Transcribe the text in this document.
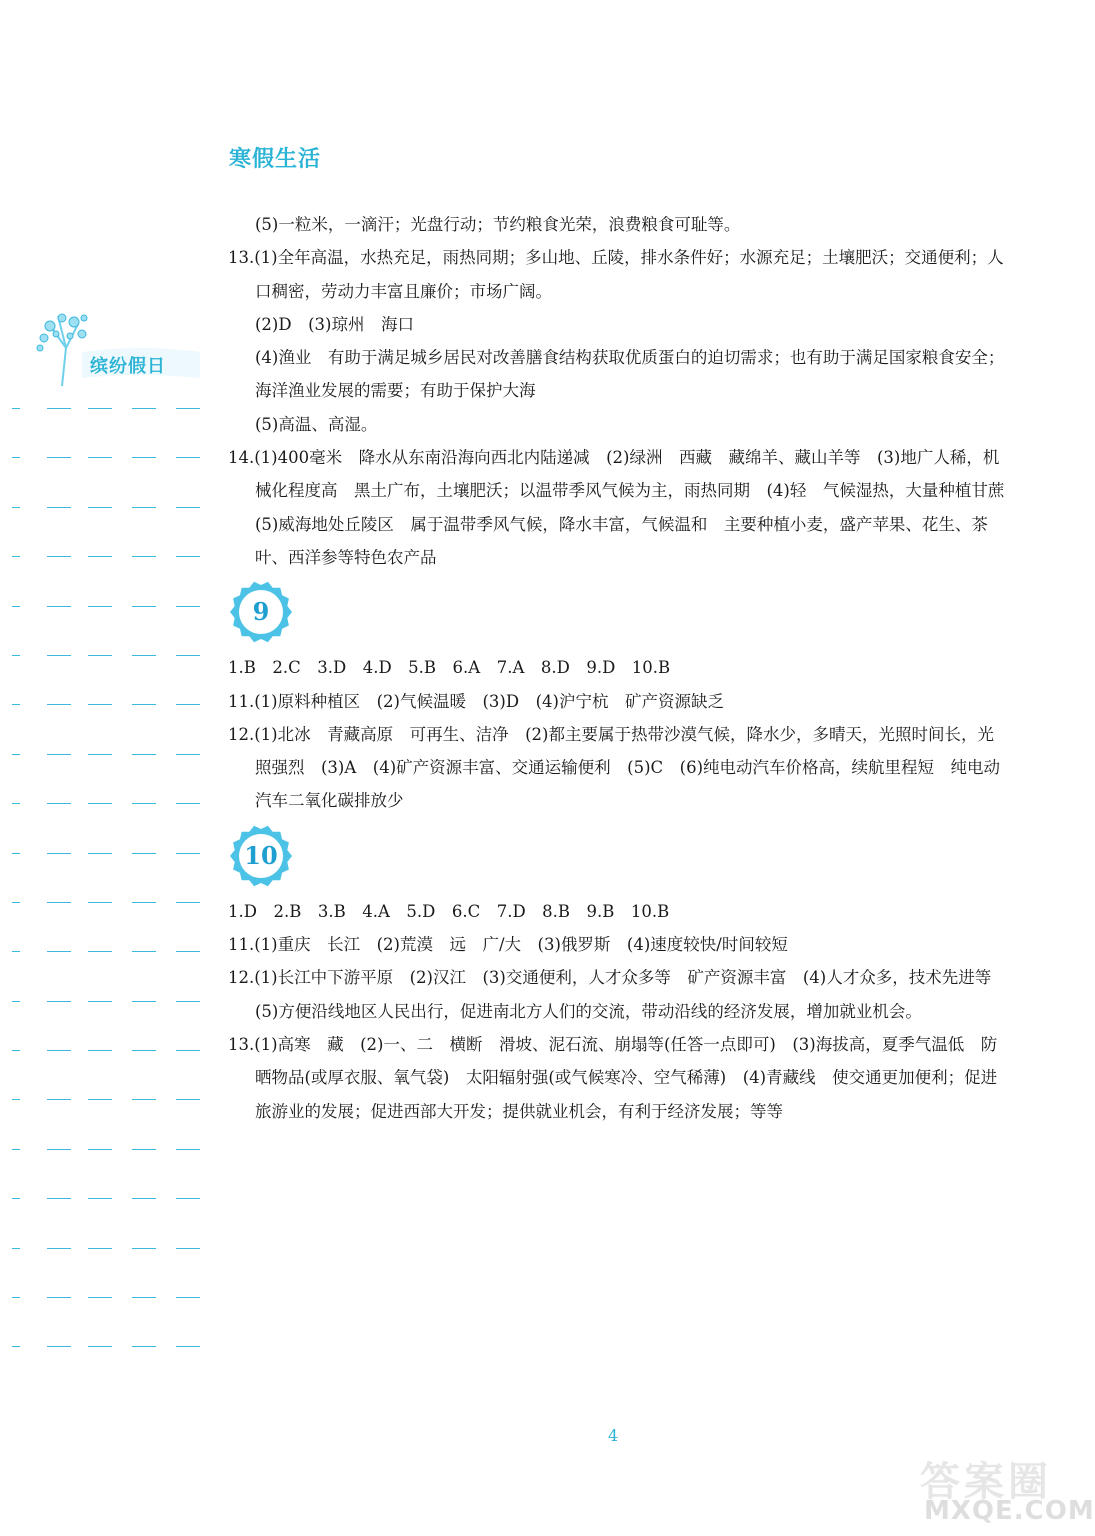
寒假生活
缤纷假日

(5)一粒米，一滴汗；光盘行动；节约粮食光荣，浪费粮食可耻等。

13.(1)全年高温，水热充足，雨热同期；多山地、丘陵，排水条件好；水源充足；土壤肥沃；交通便利；人口稠密，劳动力丰富且廉价；市场广阔。

(2)D　(3)琼州　海口

(4)渔业　有助于满足城乡居民对改善膳食结构获取优质蛋白的迫切需求；也有助于满足国家粮食安全；海洋渔业发展的需要；有助于保护大海

(5)高温、高湿。

14.(1)400毫米　降水从东南沿海向西北内陆递减　(2)绿洲　西藏　藏绵羊、藏山羊等　(3)地广人稀，机械化程度高　黑土广布，土壤肥沃；以温带季风气候为主，雨热同期　(4)轻　气候湿热，大量种植甘蔗

(5)威海地处丘陵区　属于温带季风气候，降水丰富，气候温和　主要种植小麦，盛产苹果、花生、茶叶、西洋参等特色农产品

9

1.B　2.C　3.D　4.D　5.B　6.A　7.A　8.D　9.D　10.B

11.(1)原料种植区　(2)气候温暖　(3)D　(4)沪宁杭　矿产资源缺乏

12.(1)北冰　青藏高原　可再生、洁净　(2)都主要属于热带沙漠气候，降水少，多晴天，光照时间长，光照强烈　(3)A　(4)矿产资源丰富、交通运输便利　(5)C　(6)纯电动汽车价格高，续航里程短　纯电动汽车二氧化碳排放少

10

1.D　2.B　3.B　4.A　5.D　6.C　7.D　8.B　9.B　10.B

11.(1)重庆　长江　(2)荒漠　远　广/大　(3)俄罗斯　(4)速度较快/时间较短

12.(1)长江中下游平原　(2)汉江　(3)交通便利，人才众多等　矿产资源丰富　(4)人才众多，技术先进等

(5)方便沿线地区人民出行，促进南北方人们的交流，带动沿线的经济发展，增加就业机会。

13.(1)高寒　藏　(2)一、二　横断　滑坡、泥石流、崩塌等(任答一点即可)　(3)海拔高，夏季气温低　防晒物品(或厚衣服、氧气袋)　太阳辐射强(或气候寒冷、空气稀薄)　(4)青藏线　使交通更加便利；促进旅游业的发展；促进西部大开发；提供就业机会，有利于经济发展；等等

4
答案圈
MXQE.COM
